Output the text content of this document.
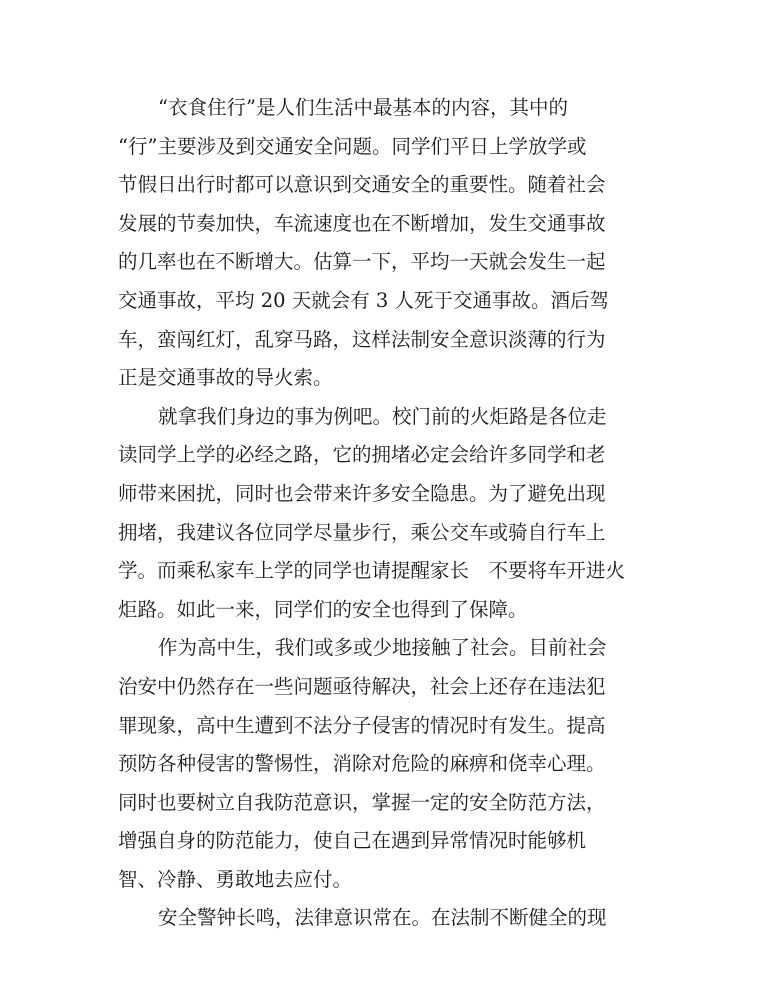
“衣食住行”是人们生活中最基本的内容，其中的
“行”主要涉及到交通安全问题。同学们平日上学放学或
节假日出行时都可以意识到交通安全的重要性。随着社会
发展的节奏加快，车流速度也在不断增加，发生交通事故
的几率也在不断增大。估算一下，平均一天就会发生一起
交通事故，平均 20 天就会有 3 人死于交通事故。酒后驾
车，蛮闯红灯，乱穿马路，这样法制安全意识淡薄的行为
正是交通事故的导火索。
就拿我们身边的事为例吧。校门前的火炬路是各位走
读同学上学的必经之路，它的拥堵必定会给许多同学和老
师带来困扰，同时也会带来许多安全隐患。为了避免出现
拥堵，我建议各位同学尽量步行，乘公交车或骑自行车上
学。而乘私家车上学的同学也请提醒家长　不要将车开进火
炬路。如此一来，同学们的安全也得到了保障。
作为高中生，我们或多或少地接触了社会。目前社会
治安中仍然存在一些问题亟待解决，社会上还存在违法犯
罪现象，高中生遭到不法分子侵害的情况时有发生。提高
预防各种侵害的警惕性，消除对危险的麻痹和侥幸心理。
同时也要树立自我防范意识，掌握一定的安全防范方法，
增强自身的防范能力，使自己在遇到异常情况时能够机
智、冷静、勇敢地去应付。
安全警钟长鸣，法律意识常在。在法制不断健全的现
